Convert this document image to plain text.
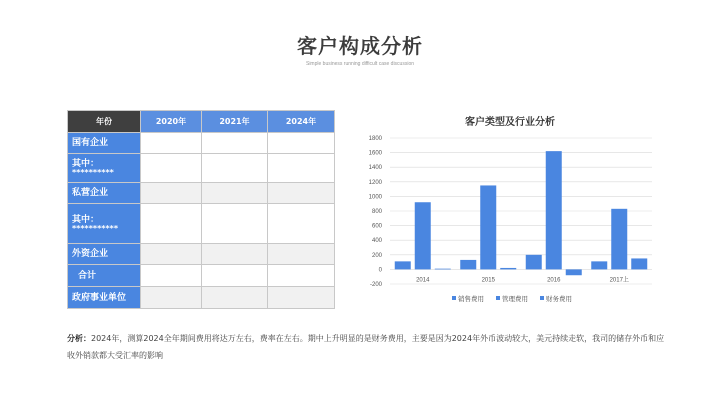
客户构成分析
Simple business running difficult case discussion
年份	2020年	2021年	2024年

国有企业			

其中：
**********			

私营企业			

其中：
***********			

外资企业			

合计			

政府事业单位			

客户类型及行业分析
-200
0
200
400
600
800
1000
1200
1400
1600
1800
2014	2015	2016	2017上
销售费用	管理费用	财务费用
分析：2024年，测算2024全年期间费用将达万左右，费率在左右。期中上升明显的是财务费用，主要是因为2024年外币波动较大，美元持续走软，我司的储存外币和应收外销款都大受汇率的影响
